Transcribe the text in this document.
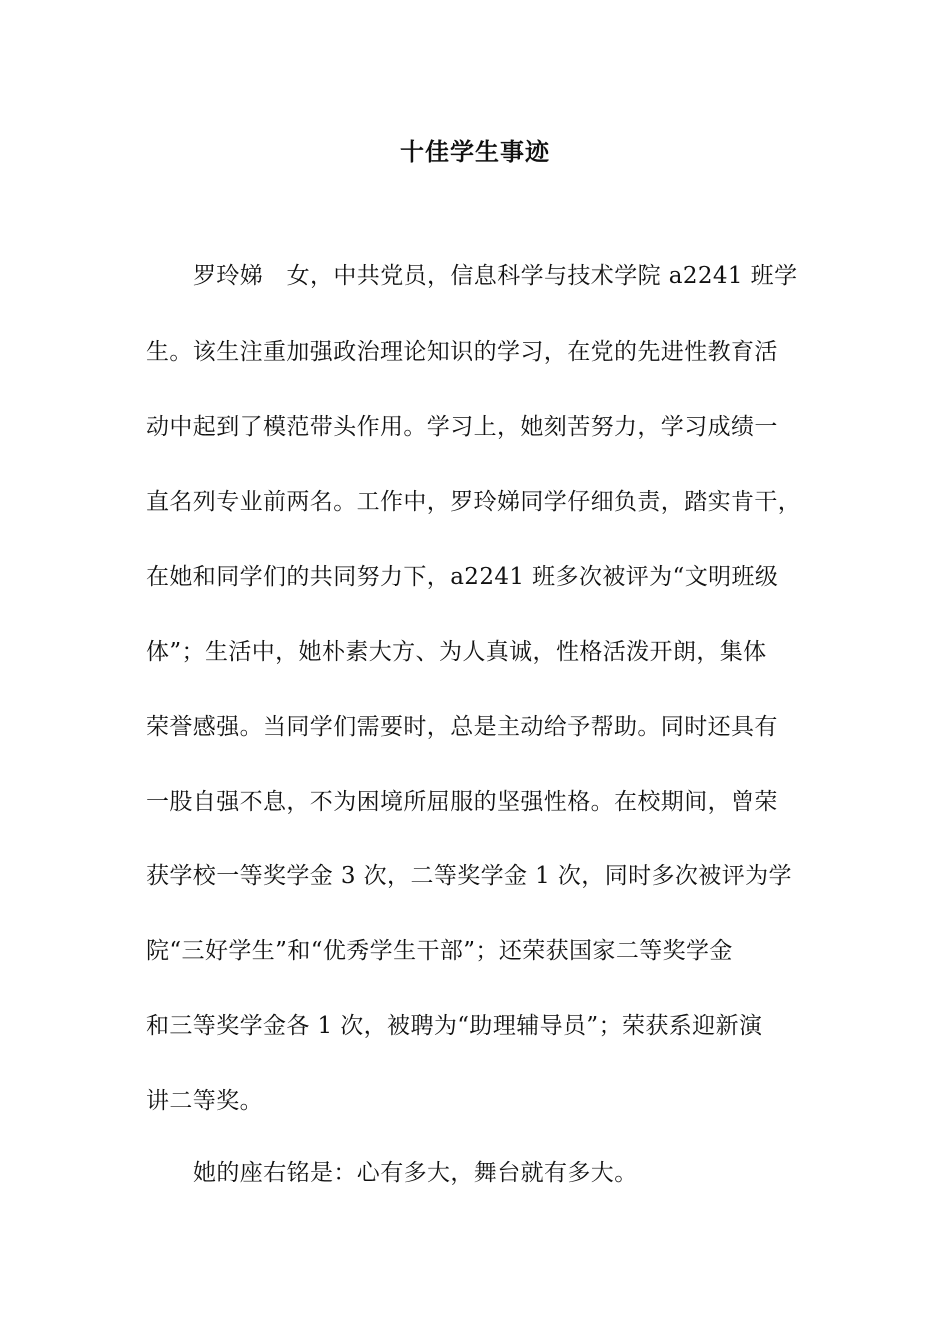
十佳学生事迹
罗玲娣　女，中共党员，信息科学与技术学院 a2241 班学
生。该生注重加强政治理论知识的学习，在党的先进性教育活
动中起到了模范带头作用。学习上，她刻苦努力，学习成绩一
直名列专业前两名。工作中，罗玲娣同学仔细负责，踏实肯干，
在她和同学们的共同努力下，a2241 班多次被评为“文明班级
体”；生活中，她朴素大方、为人真诚，性格活泼开朗，集体
荣誉感强。当同学们需要时，总是主动给予帮助。同时还具有
一股自强不息，不为困境所屈服的坚强性格。在校期间，曾荣
获学校一等奖学金 3 次，二等奖学金 1 次，同时多次被评为学
院“三好学生”和“优秀学生干部”；还荣获国家二等奖学金
和三等奖学金各 1 次，被聘为“助理辅导员”；荣获系迎新演
讲二等奖。
她的座右铭是：心有多大，舞台就有多大。
